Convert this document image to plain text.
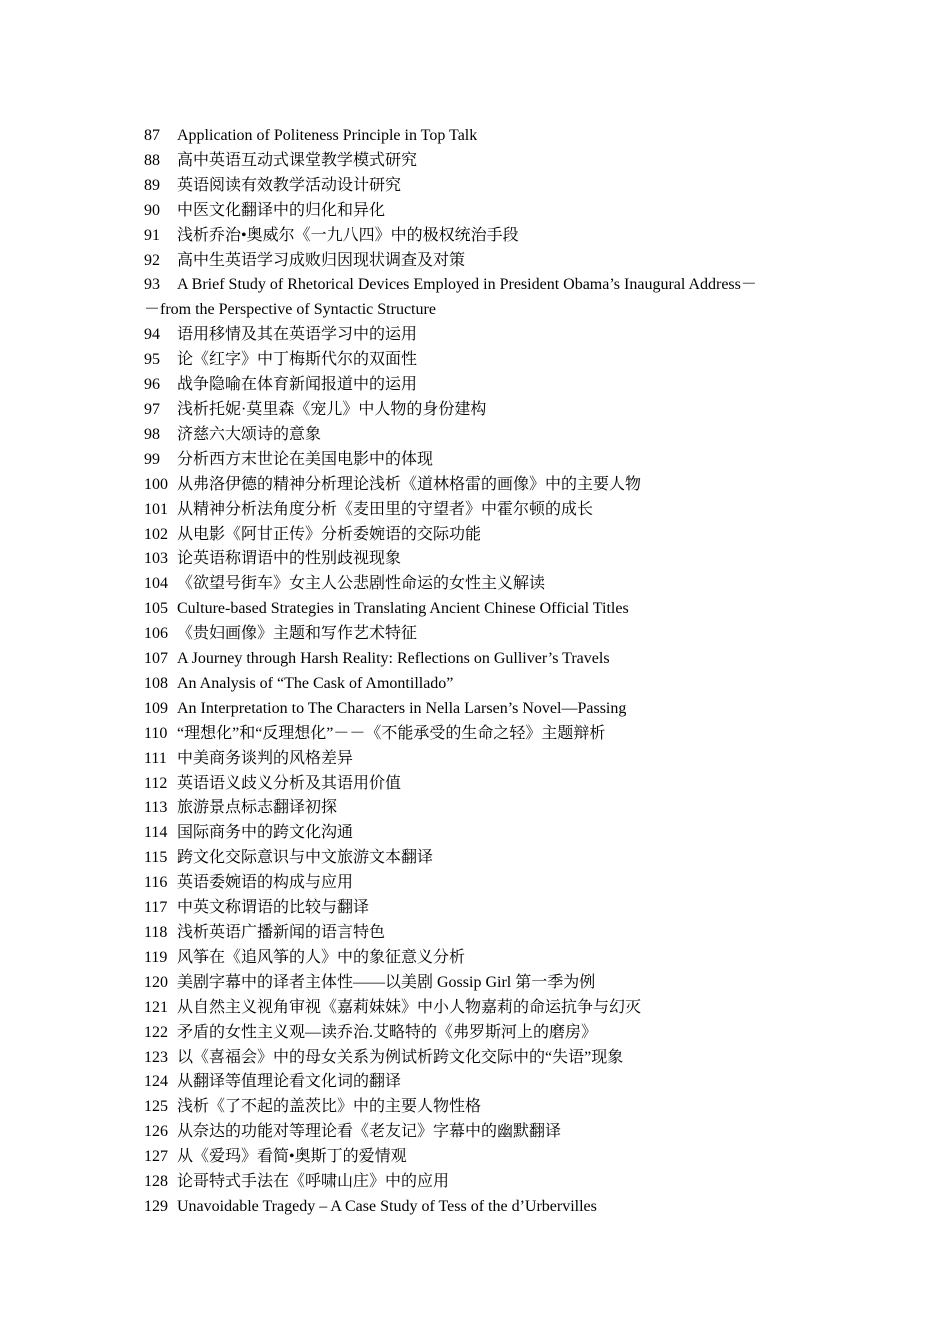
87	Application of Politeness Principle in Top Talk
88	高中英语互动式课堂教学模式研究
89	英语阅读有效教学活动设计研究
90	中医文化翻译中的归化和异化
91	浅析乔治•奥威尔《一九八四》中的极权统治手段
92	高中生英语学习成败归因现状调查及对策
93	A Brief Study of Rhetorical Devices Employed in President Obama’s Inaugural Address－
－from the Perspective of Syntactic Structure
94	语用移情及其在英语学习中的运用
95	论《红字》中丁梅斯代尔的双面性
96	战争隐喻在体育新闻报道中的运用
97	浅析托妮·莫里森《宠儿》中人物的身份建构
98	济慈六大颂诗的意象
99	分析西方末世论在美国电影中的体现
100 从弗洛伊德的精神分析理论浅析《道林格雷的画像》中的主要人物
101 从精神分析法角度分析《麦田里的守望者》中霍尔顿的成长
102 从电影《阿甘正传》分析委婉语的交际功能
103 论英语称谓语中的性别歧视现象
104 《欲望号街车》女主人公悲剧性命运的女性主义解读
105 Culture-based Strategies in Translating Ancient Chinese Official Titles
106 《贵妇画像》主题和写作艺术特征
107 A Journey through Harsh Reality: Reflections on Gulliver’s Travels
108 An Analysis of “The Cask of Amontillado”
109 An Interpretation to The Characters in Nella Larsen’s Novel—Passing
110 “理想化”和“反理想化”－－《不能承受的生命之轻》主题辩析
111 中美商务谈判的风格差异
112 英语语义歧义分析及其语用价值
113 旅游景点标志翻译初探
114 国际商务中的跨文化沟通
115 跨文化交际意识与中文旅游文本翻译
116 英语委婉语的构成与应用
117 中英文称谓语的比较与翻译
118 浅析英语广播新闻的语言特色
119 风筝在《追风筝的人》中的象征意义分析
120 美剧字幕中的译者主体性——以美剧 Gossip Girl 第一季为例
121 从自然主义视角审视《嘉莉妹妹》中小人物嘉莉的命运抗争与幻灭
122 矛盾的女性主义观—读乔治.艾略特的《弗罗斯河上的磨房》
123 以《喜福会》中的母女关系为例试析跨文化交际中的“失语”现象
124 从翻译等值理论看文化词的翻译
125 浅析《了不起的盖茨比》中的主要人物性格
126 从奈达的功能对等理论看《老友记》字幕中的幽默翻译
127 从《爱玛》看简•奥斯丁的爱情观
128 论哥特式手法在《呼啸山庄》中的应用
129 Unavoidable Tragedy – A Case Study of Tess of the d’Urbervilles
